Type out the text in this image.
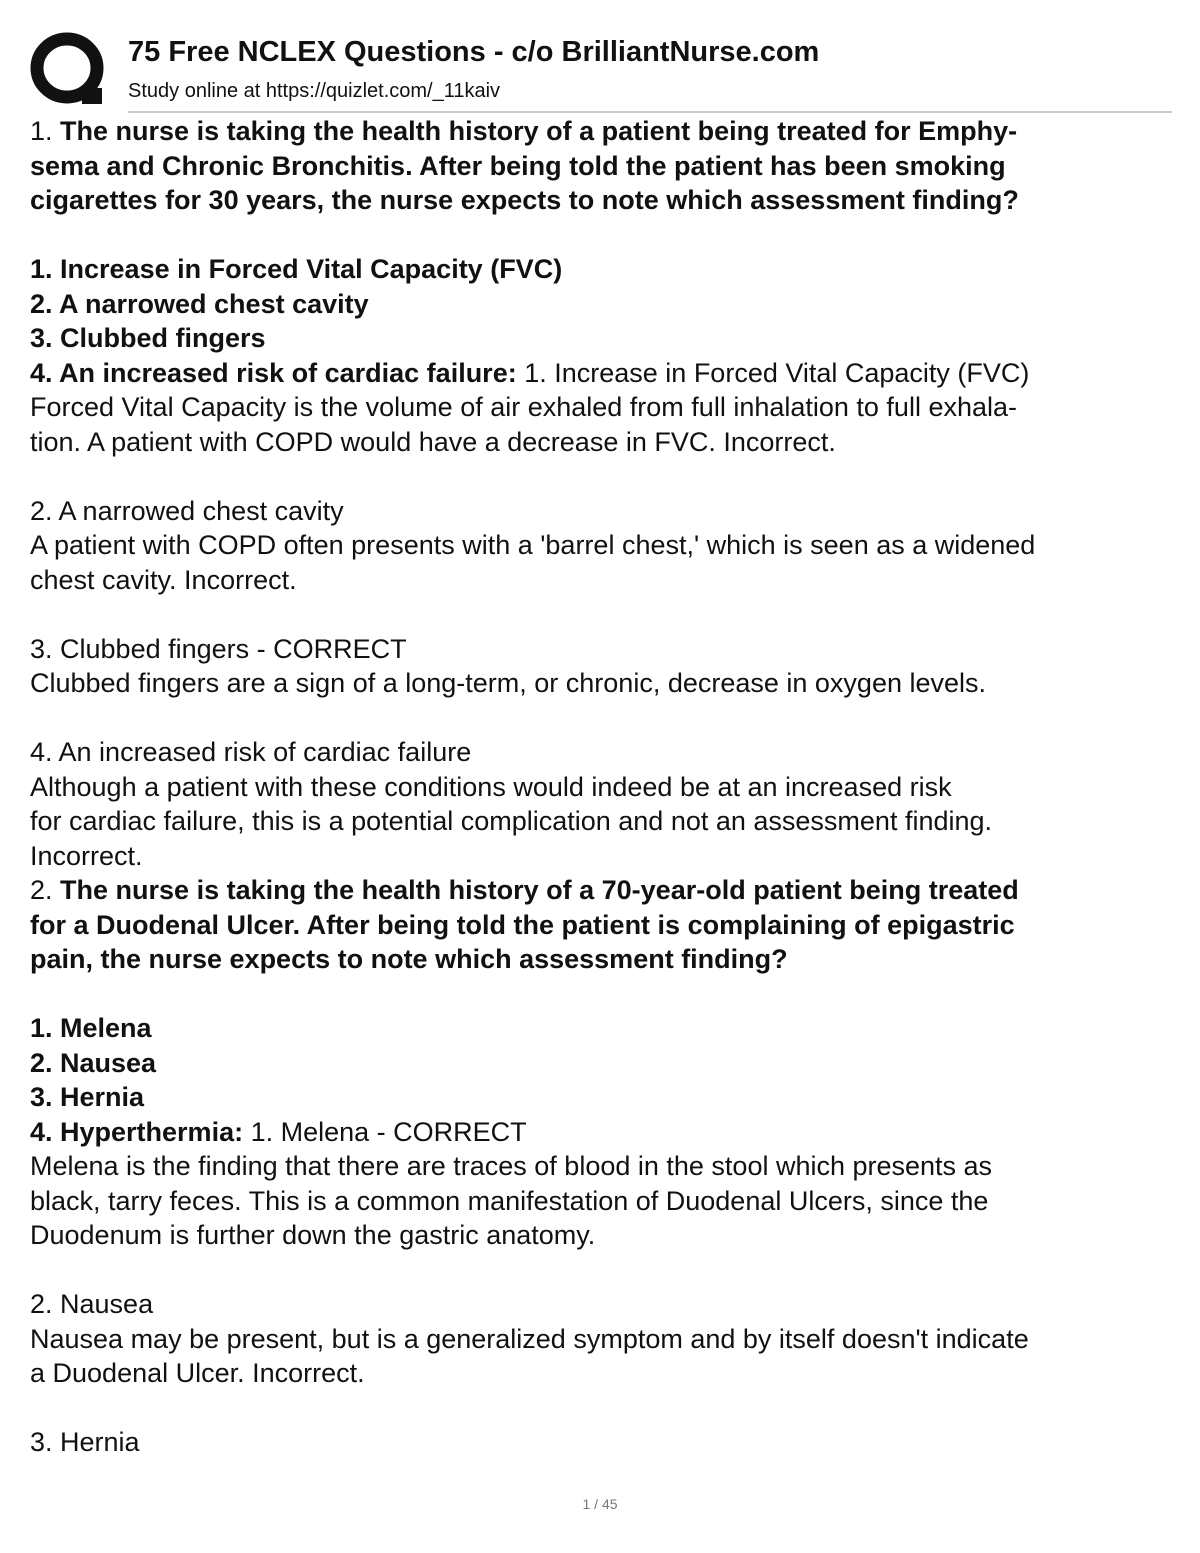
75 Free NCLEX Questions - c/o BrilliantNurse.com
Study online at https://quizlet.com/_11kaiv

1. The nurse is taking the health history of a patient being treated for Emphy-

sema and Chronic Bronchitis. After being told the patient has been smoking

cigarettes for 30 years, the nurse expects to note which assessment finding?

1. Increase in Forced Vital Capacity (FVC)

2. A narrowed chest cavity

3. Clubbed fingers

4. An increased risk of cardiac failure: 1. Increase in Forced Vital Capacity (FVC)

Forced Vital Capacity is the volume of air exhaled from full inhalation to full exhala-

tion. A patient with COPD would have a decrease in FVC. Incorrect.

2. A narrowed chest cavity

A patient with COPD often presents with a 'barrel chest,' which is seen as a widened

chest cavity. Incorrect.

3. Clubbed fingers - CORRECT

Clubbed fingers are a sign of a long-term, or chronic, decrease in oxygen levels.

4. An increased risk of cardiac failure

Although a patient with these conditions would indeed be at an increased risk

for cardiac failure, this is a potential complication and not an assessment finding.

Incorrect.

2. The nurse is taking the health history of a 70-year-old patient being treated

for a Duodenal Ulcer. After being told the patient is complaining of epigastric

pain, the nurse expects to note which assessment finding?

1. Melena

2. Nausea

3. Hernia

4. Hyperthermia: 1. Melena - CORRECT

Melena is the finding that there are traces of blood in the stool which presents as

black, tarry feces. This is a common manifestation of Duodenal Ulcers, since the

Duodenum is further down the gastric anatomy.

2. Nausea

Nausea may be present, but is a generalized symptom and by itself doesn't indicate

a Duodenal Ulcer. Incorrect.

3. Hernia

1 / 45
